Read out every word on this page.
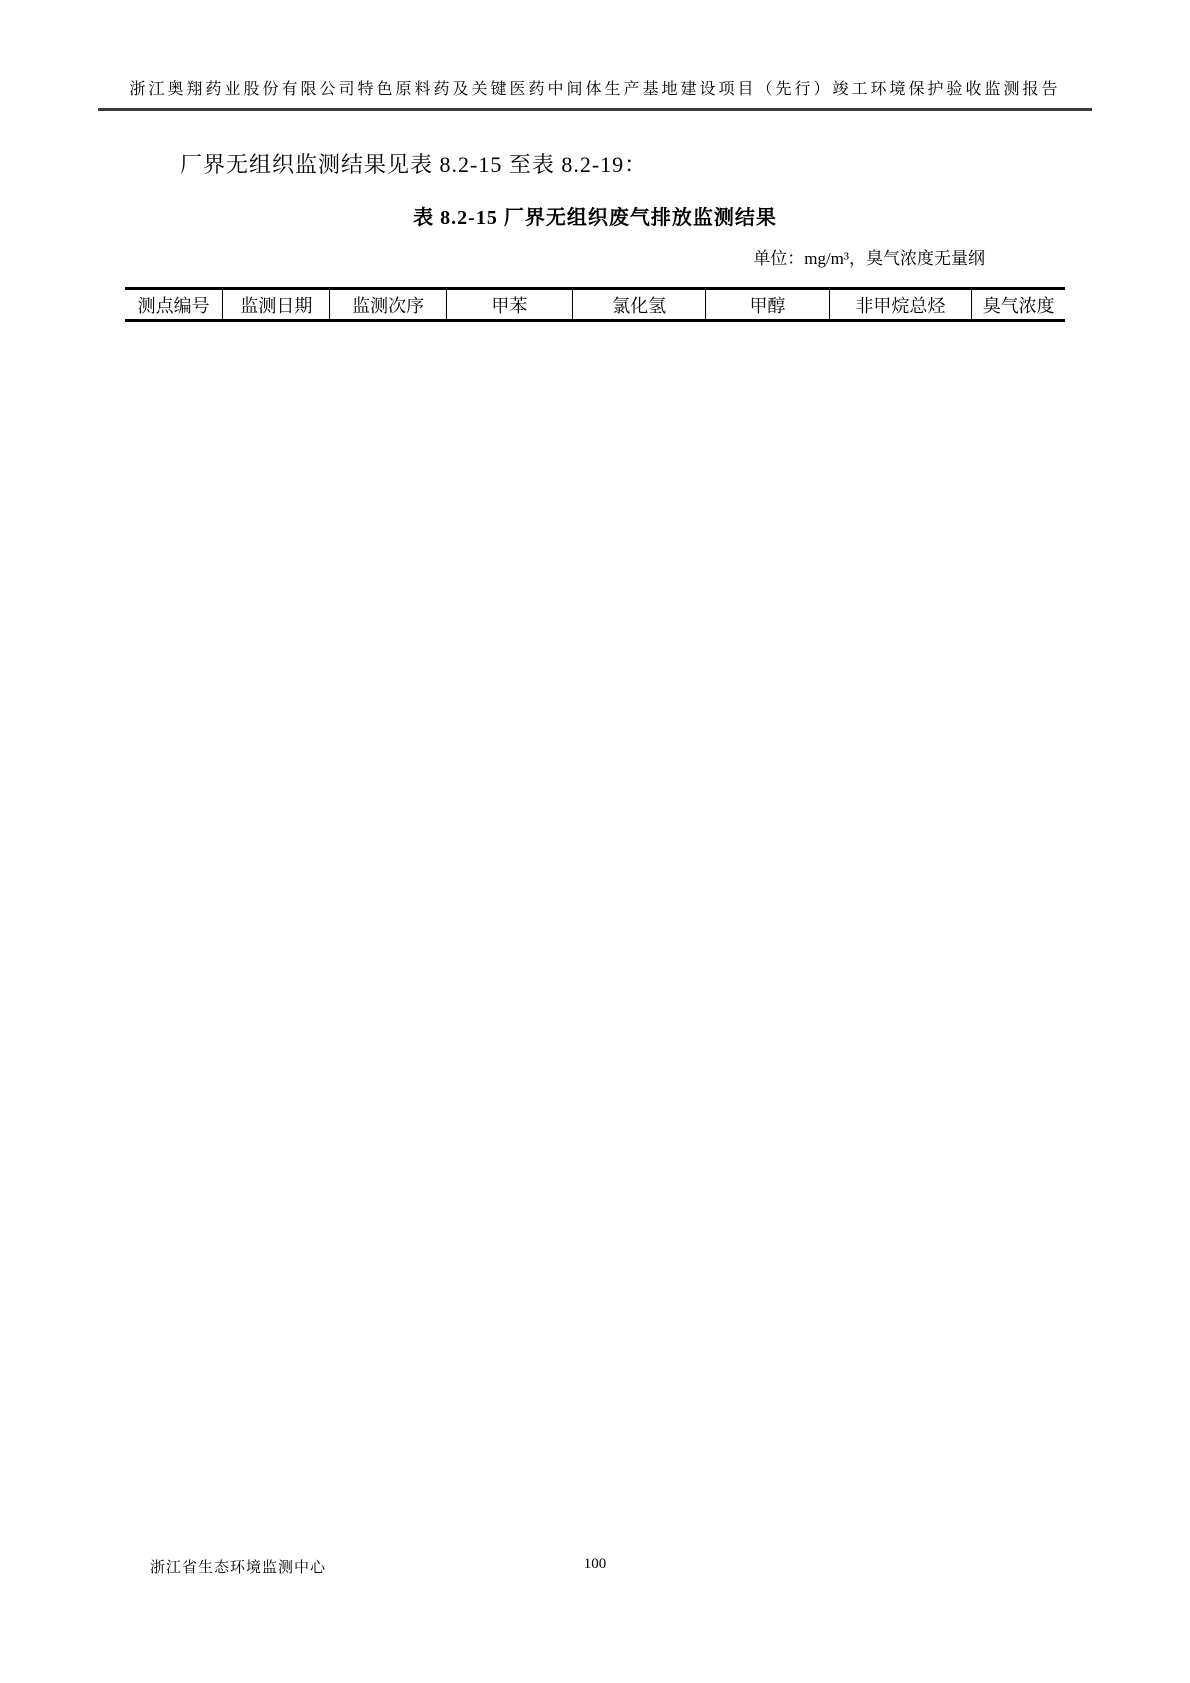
浙江奥翔药业股份有限公司特色原料药及关键医药中间体生产基地建设项目（先行）竣工环境保护验收监测报告

厂界无组织监测结果见表 8.2-15 至表 8.2-19：

表 8.2-15 厂界无组织废气排放监测结果
单位：mg/m³，臭气浓度无量纲
测点编号	监测日期	监测次序	甲苯	氯化氢	甲醇	非甲烷总烃	臭气浓度
浙江省生态环境监测中心	100
